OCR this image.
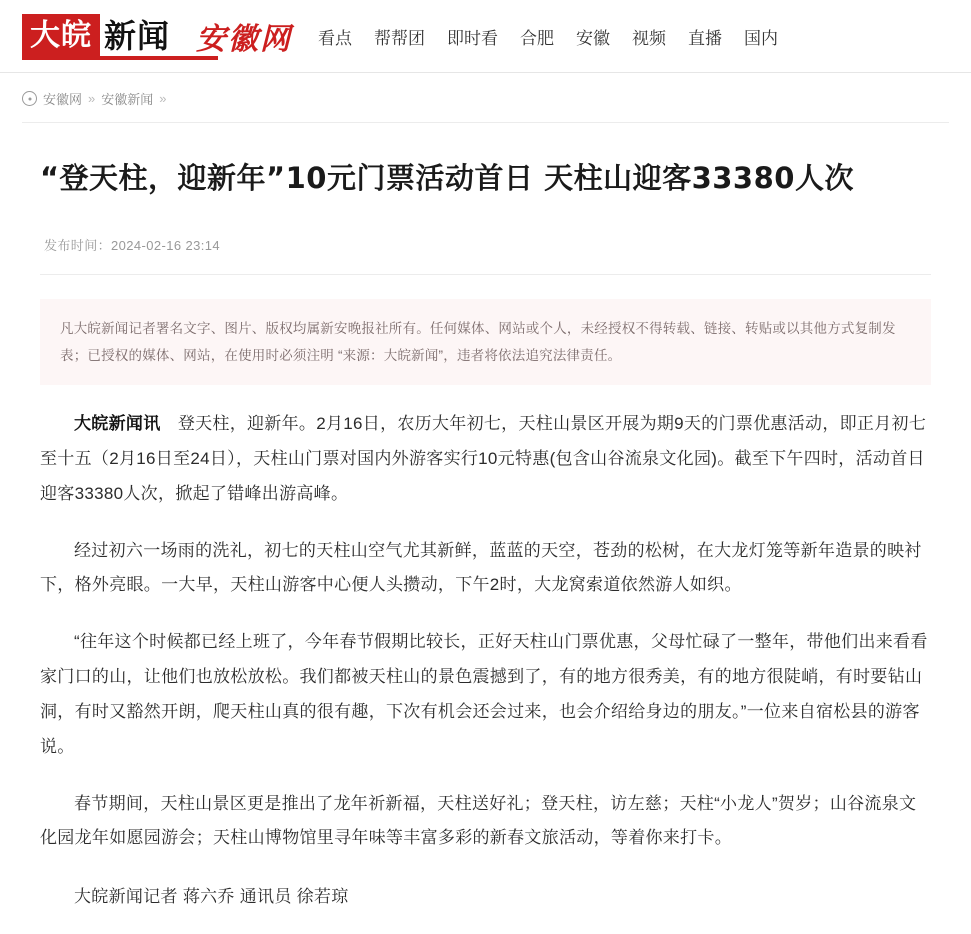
大皖 新闻 安徽网 看点 帮帮团 即时看 合肥 安徽 视频 直播 国内
安徽网 » 安徽新闻 »
“登天柱，迎新年”10元门票活动首日 天柱山迎客33380人次
发布时间：2024-02-16 23:14
凡大皖新闻记者署名文字、图片、版权均属新安晚报社所有。任何媒体、网站或个人，未经授权不得转载、链接、转贴或以其他方式复制发表；已授权的媒体、网站，在使用时必须注明 “来源：大皖新闻”，违者将依法追究法律责任。

大皖新闻讯　 登天柱，迎新年。2月16日，农历大年初七，天柱山景区开展为期9天的门票优惠活动，即正月初七至十五（2月16日至24日），天柱山门票对国内外游客实行10元特惠(包含山谷流泉文化园)。截至下午四时，活动首日迎客33380人次，掀起了错峰出游高峰。

经过初六一场雨的洗礼，初七的天柱山空气尤其新鲜，蓝蓝的天空，苍劲的松树，在大龙灯笼等新年造景的映衬下，格外亮眼。一大早，天柱山游客中心便人头攒动，下午2时，大龙窝索道依然游人如织。

“往年这个时候都已经上班了，今年春节假期比较长，正好天柱山门票优惠，父母忙碌了一整年，带他们出来看看家门口的山，让他们也放松放松。我们都被天柱山的景色震撼到了，有的地方很秀美，有的地方很陡峭，有时要钻山洞，有时又豁然开朗，爬天柱山真的很有趣，下次有机会还会过来，也会介绍给身边的朋友。”一位来自宿松县的游客说。

春节期间，天柱山景区更是推出了龙年祈新福，天柱送好礼；登天柱，访左慈；天柱“小龙人”贺岁；山谷流泉文化园龙年如愿园游会；天柱山博物馆里寻年味等丰富多彩的新春文旅活动，等着你来打卡。

大皖新闻记者 蒋六乔 通讯员 徐若琼
